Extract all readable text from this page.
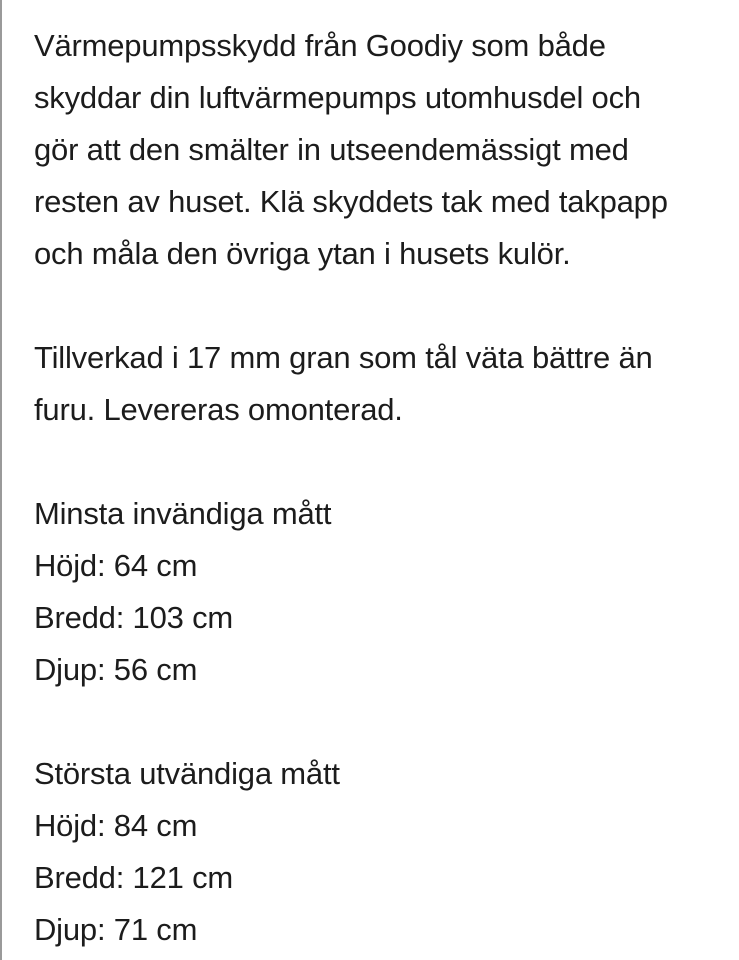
Värmepumpsskydd från Goodiy som både
skyddar din luftvärmepumps utomhusdel och
gör att den smälter in utseendemässigt med
resten av huset. Klä skyddets tak med takpapp
och måla den övriga ytan i husets kulör.
Tillverkad i 17 mm gran som tål väta bättre än
furu. Levereras omonterad.
Minsta invändiga mått
Höjd: 64 cm
Bredd: 103 cm
Djup: 56 cm
Största utvändiga mått
Höjd: 84 cm
Bredd: 121 cm
Djup: 71 cm
